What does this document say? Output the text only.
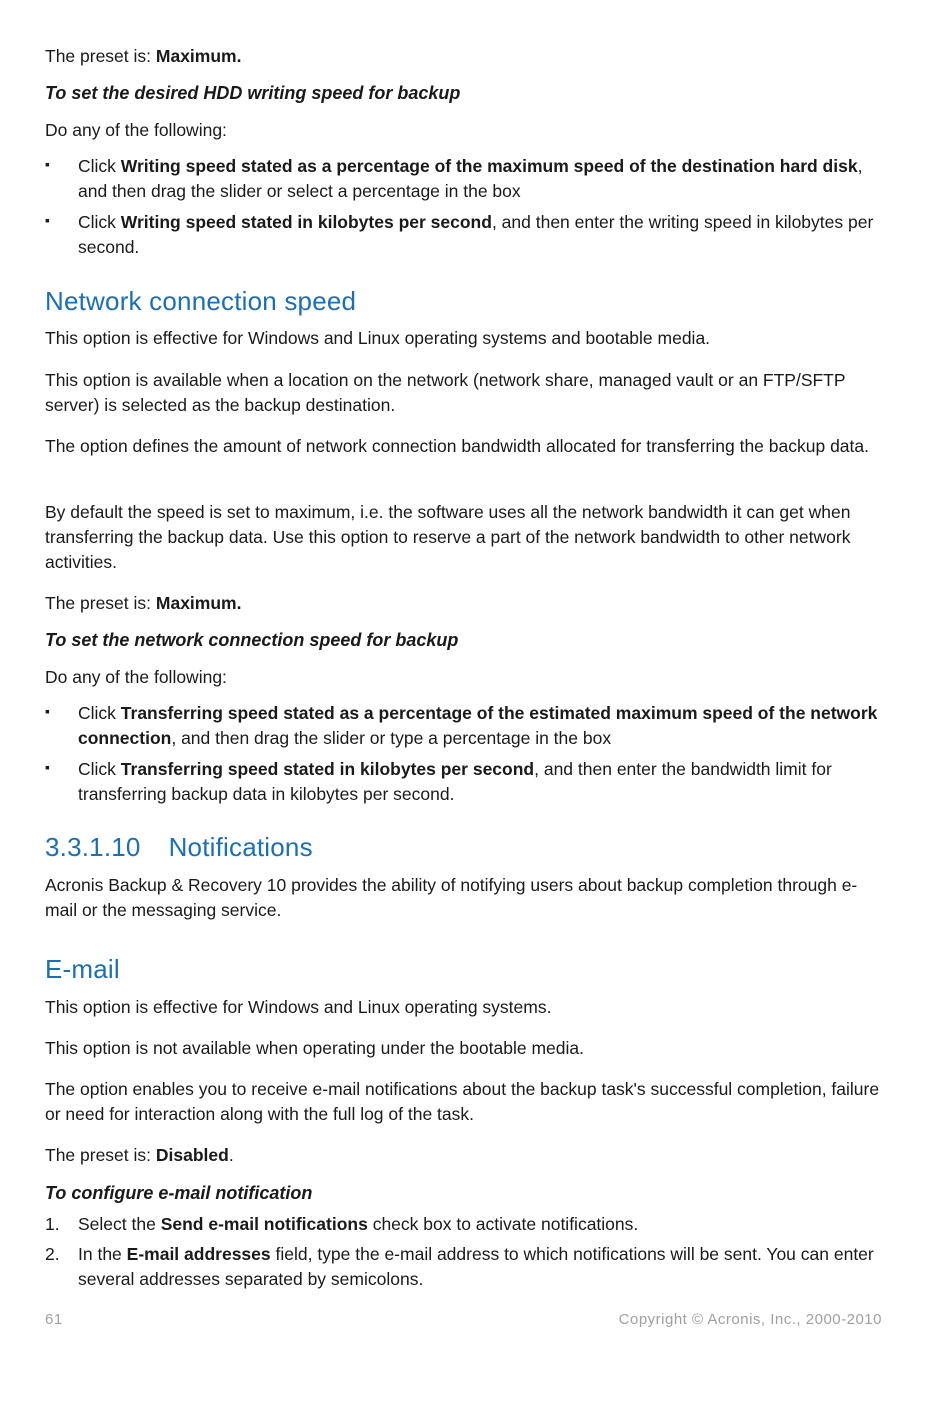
The preset is: Maximum.

To set the desired HDD writing speed for backup

Do any of the following:

▪ Click Writing speed stated as a percentage of the maximum speed of the destination hard disk, and then drag the slider or select a percentage in the box

▪ Click Writing speed stated in kilobytes per second, and then enter the writing speed in kilobytes per second.

Network connection speed

This option is effective for Windows and Linux operating systems and bootable media.

This option is available when a location on the network (network share, managed vault or an FTP/SFTP server) is selected as the backup destination.

The option defines the amount of network connection bandwidth allocated for transferring the backup data.

By default the speed is set to maximum, i.e. the software uses all the network bandwidth it can get when transferring the backup data. Use this option to reserve a part of the network bandwidth to other network activities.

The preset is: Maximum.

To set the network connection speed for backup

Do any of the following:

▪ Click Transferring speed stated as a percentage of the estimated maximum speed of the network connection, and then drag the slider or type a percentage in the box

▪ Click Transferring speed stated in kilobytes per second, and then enter the bandwidth limit for transferring backup data in kilobytes per second.

3.3.1.10 Notifications

Acronis Backup & Recovery 10 provides the ability of notifying users about backup completion through e-mail or the messaging service.

E-mail

This option is effective for Windows and Linux operating systems.

This option is not available when operating under the bootable media.

The option enables you to receive e-mail notifications about the backup task's successful completion, failure or need for interaction along with the full log of the task.

The preset is: Disabled.

To configure e-mail notification

1. Select the Send e-mail notifications check box to activate notifications.

2. In the E-mail addresses field, type the e-mail address to which notifications will be sent. You can enter several addresses separated by semicolons.

61	Copyright © Acronis, Inc., 2000-2010
